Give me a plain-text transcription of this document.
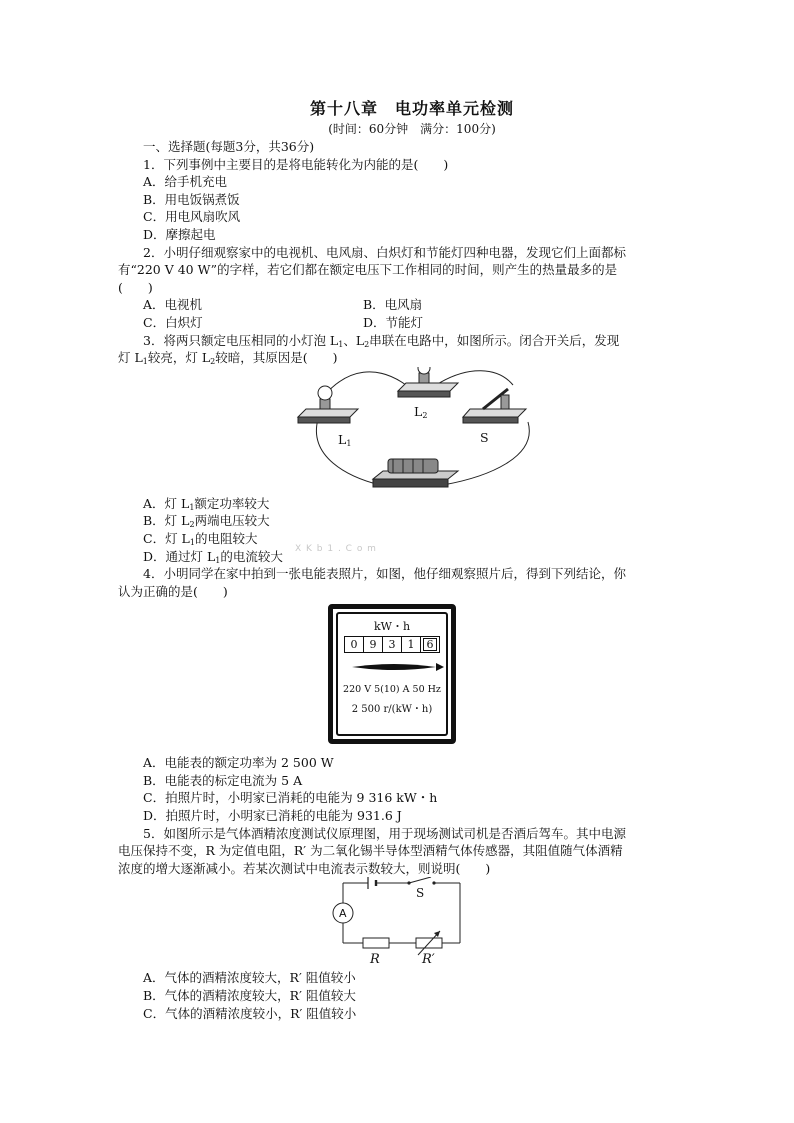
第十八章　电功率单元检测
(时间：60分钟　满分：100分)
一、选择题(每题3分，共36分)
1．下列事例中主要目的是将电能转化为内能的是(　　)
A．给手机充电
B．用电饭锅煮饭
C．用电风扇吹风
D．摩擦起电
2．小明仔细观察家中的电视机、电风扇、白炽灯和节能灯四种电器，发现它们上面都标
有“220 V 40 W”的字样，若它们都在额定电压下工作相同的时间，则产生的热量最多的是
(　　)
A．电视机	B．电风扇
C．白炽灯	D．节能灯
3．将两只额定电压相同的小灯泡 $L_1$、$L_2$串联在电路中，如图所示。闭合开关后，发现
灯 $L_1$较亮，灯 $L_2$较暗，其原因是(　　)
$L_1$
$L_2$
S
A．灯 $L_1$额定功率较大
B．灯 $L_2$两端电压较大
C．灯 $L_1$的电阻较大
D．通过灯 $L_1$的电流较大
4．小明同学在家中拍到一张电能表照片，如图，他仔细观察照片后，得到下列结论，你
认为正确的是(　　)
kW・h
0	9	3	1	6
220 V 5(10) A 50 Hz
2 500 r/(kW・h)
A．电能表的额定功率为 2 500 W
B．电能表的标定电流为 5 A
C．拍照片时，小明家已消耗的电能为 9 316 kW・h
D．拍照片时，小明家已消耗的电能为 931.6 J
5．如图所示是气体酒精浓度测试仪原理图，用于现场测试司机是否酒后驾车。其中电源
电压保持不变，R 为定值电阻，R′ 为二氧化锡半导体型酒精气体传感器，其阻值随气体酒精
浓度的增大逐渐减小。若某次测试中电流表示数较大，则说明(　　)
A
S
R	R′
A．气体的酒精浓度较大，R′ 阻值较小
B．气体的酒精浓度较大，R′ 阻值较大
C．气体的酒精浓度较小，R′ 阻值较小
X K b 1 . C o m
